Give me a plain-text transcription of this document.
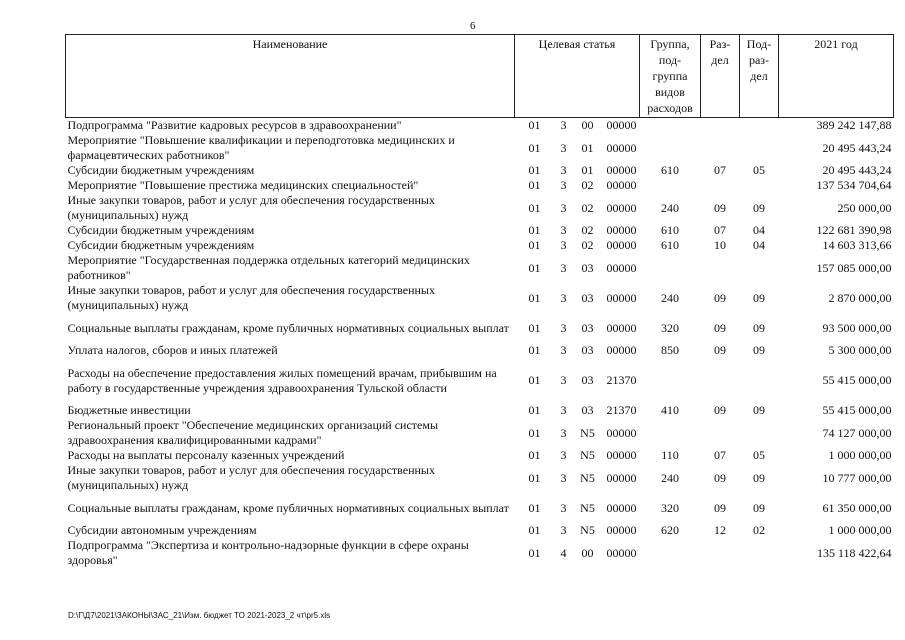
6
Наименование	Целевая статья	Группа, под- группа видов расходов	Раз- дел	Под- раз- дел	2021 год
Подпрограмма "Развитие кадровых ресурсов в здравоохранении"	01 3 00 00000				389 242 147,88
Мероприятие "Повышение квалификации и переподготовка медицинских и фармацевтических работников"	01 3 01 00000				20 495 443,24
Субсидии бюджетным учреждениям	01 3 01 00000	610	07	05	20 495 443,24
Мероприятие "Повышение престижа медицинских специальностей"	01 3 02 00000				137 534 704,64
Иные закупки товаров, работ и услуг для обеспечения государственных (муниципальных) нужд	01 3 02 00000	240	09	09	250 000,00
Субсидии бюджетным учреждениям	01 3 02 00000	610	07	04	122 681 390,98
Субсидии бюджетным учреждениям	01 3 02 00000	610	10	04	14 603 313,66
Мероприятие "Государственная поддержка отдельных категорий медицинских работников"	01 3 03 00000				157 085 000,00
Иные закупки товаров, работ и услуг для обеспечения государственных (муниципальных) нужд	01 3 03 00000	240	09	09	2 870 000,00
Социальные выплаты гражданам, кроме публичных нормативных социальных выплат	01 3 03 00000	320	09	09	93 500 000,00
Уплата налогов, сборов и иных платежей	01 3 03 00000	850	09	09	5 300 000,00
Расходы на обеспечение предоставления жилых помещений врачам, прибывшим на работу в государственные учреждения здравоохранения Тульской области	01 3 03 21370				55 415 000,00
Бюджетные инвестиции	01 3 03 21370	410	09	09	55 415 000,00
Региональный проект "Обеспечение медицинских организаций системы здравоохранения квалифицированными кадрами"	01 3 N5 00000				74 127 000,00
Расходы на выплаты персоналу казенных учреждений	01 3 N5 00000	110	07	05	1 000 000,00
Иные закупки товаров, работ и услуг для обеспечения государственных (муниципальных) нужд	01 3 N5 00000	240	09	09	10 777 000,00
Социальные выплаты гражданам, кроме публичных нормативных социальных выплат	01 3 N5 00000	320	09	09	61 350 000,00
Субсидии автономным учреждениям	01 3 N5 00000	620	12	02	1 000 000,00
Подпрограмма "Экспертиза и контрольно-надзорные функции в сфере охраны здоровья"	01 4 00 00000				135 118 422,64
D:\Г\Д7\2021\ЗАКОНЫ\ЗАС_21\Изм. бюджет ТО 2021-2023_2 чт\pr5.xls
